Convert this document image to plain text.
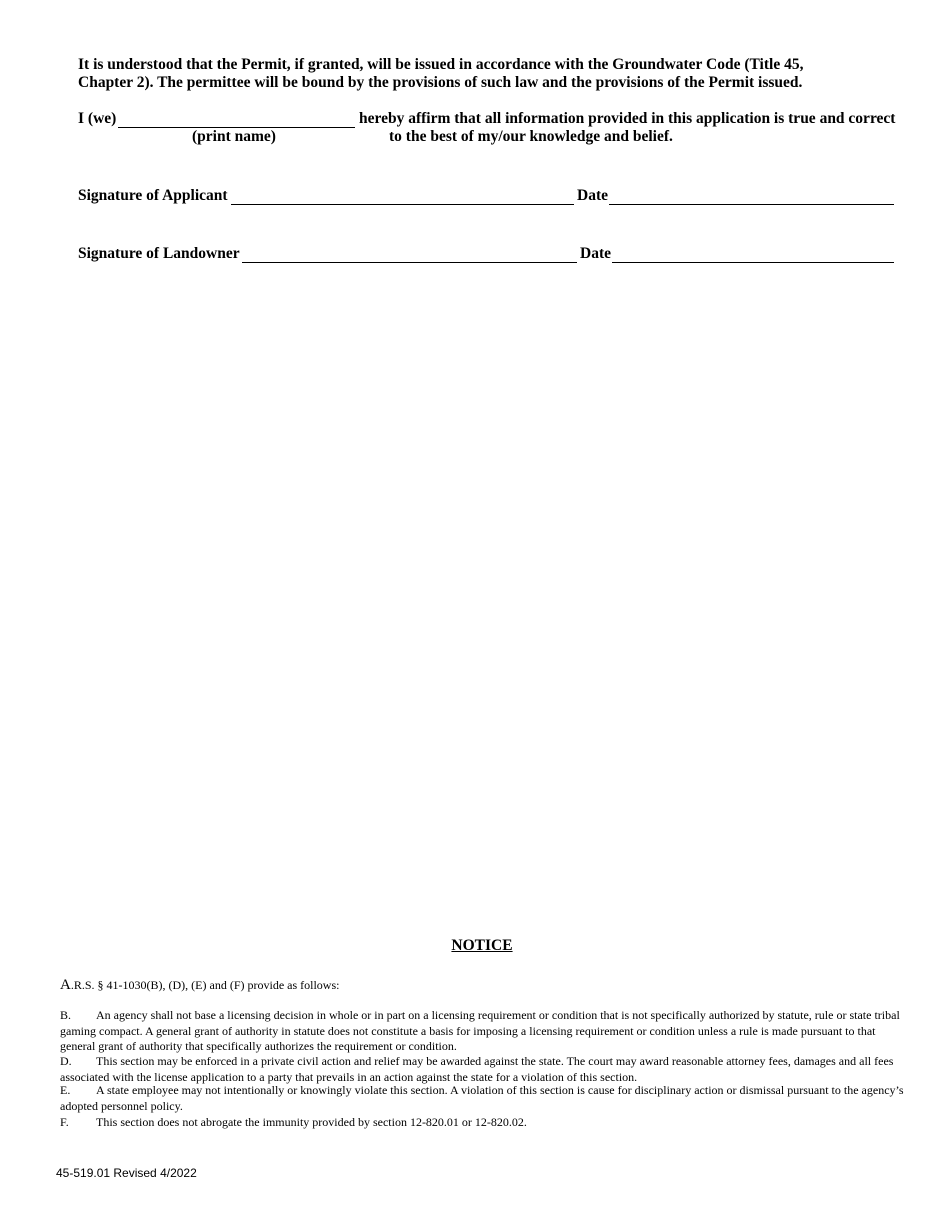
It is understood that the Permit, if granted, will be issued in accordance with the Groundwater Code (Title 45,
Chapter 2). The permittee will be bound by the provisions of such law and the provisions of the Permit issued.
I (we)
(print name)
hereby affirm that all information provided in this application is true and correct
to the best of my/our knowledge and belief.
Signature of Applicant	Date
Signature of Landowner	Date
NOTICE
A.R.S. § 41-1030(B), (D), (E) and (F) provide as follows:
B. An agency shall not base a licensing decision in whole or in part on a licensing requirement or condition that is not specifically authorized by statute, rule or state tribal gaming compact. A general grant of authority in statute does not constitute a basis for imposing a licensing requirement or condition unless a rule is made pursuant to that general grant of authority that specifically authorizes the requirement or condition.
D. This section may be enforced in a private civil action and relief may be awarded against the state. The court may award reasonable attorney fees, damages and all fees associated with the license application to a party that prevails in an action against the state for a violation of this section.
E. A state employee may not intentionally or knowingly violate this section. A violation of this section is cause for disciplinary action or dismissal pursuant to the agency’s adopted personnel policy.
F. This section does not abrogate the immunity provided by section 12-820.01 or 12-820.02.
45-519.01 Revised 4/2022
